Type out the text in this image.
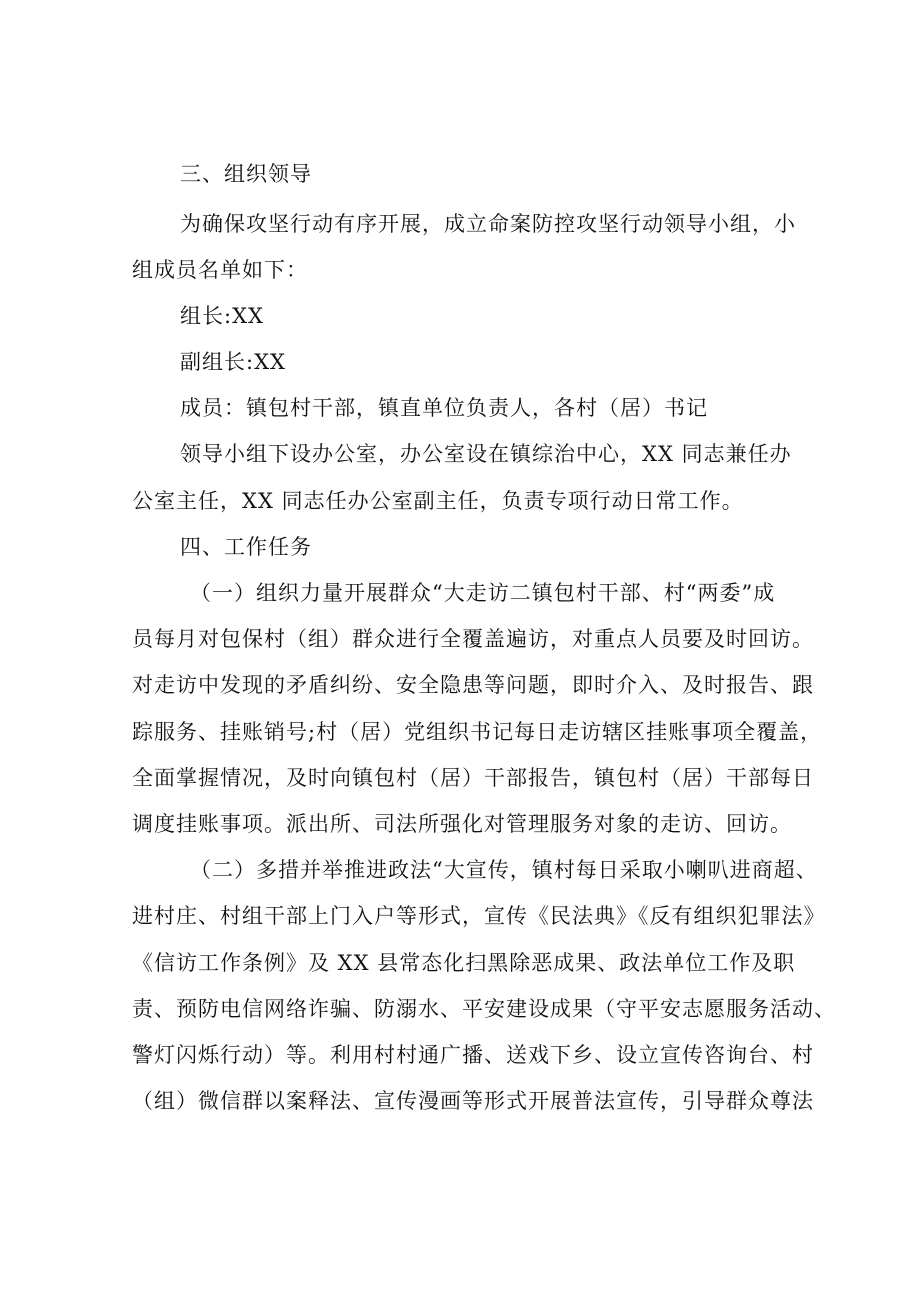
三、组织领导
为确保攻坚行动有序开展，成立命案防控攻坚行动领导小组，小
组成员名单如下：
组长:XX
副组长:XX
成员：镇包村干部，镇直单位负责人，各村（居）书记
领导小组下设办公室，办公室设在镇综治中心，XX 同志兼任办
公室主任，XX 同志任办公室副主任，负责专项行动日常工作。
四、工作任务
（一）组织力量开展群众“大走访二镇包村干部、村“两委”成
员每月对包保村（组）群众进行全覆盖遍访，对重点人员要及时回访。
对走访中发现的矛盾纠纷、安全隐患等问题，即时介入、及时报告、跟
踪服务、挂账销号;村（居）党组织书记每日走访辖区挂账事项全覆盖，
全面掌握情况，及时向镇包村（居）干部报告，镇包村（居）干部每日
调度挂账事项。派出所、司法所强化对管理服务对象的走访、回访。
（二）多措并举推进政法“大宣传，镇村每日采取小喇叭进商超、
进村庄、村组干部上门入户等形式，宣传《民法典》《反有组织犯罪法》
《信访工作条例》及 XX 县常态化扫黑除恶成果、政法单位工作及职
责、预防电信网络诈骗、防溺水、平安建设成果（守平安志愿服务活动、
警灯闪烁行动）等。利用村村通广播、送戏下乡、设立宣传咨询台、村
（组）微信群以案释法、宣传漫画等形式开展普法宣传，引导群众尊法
